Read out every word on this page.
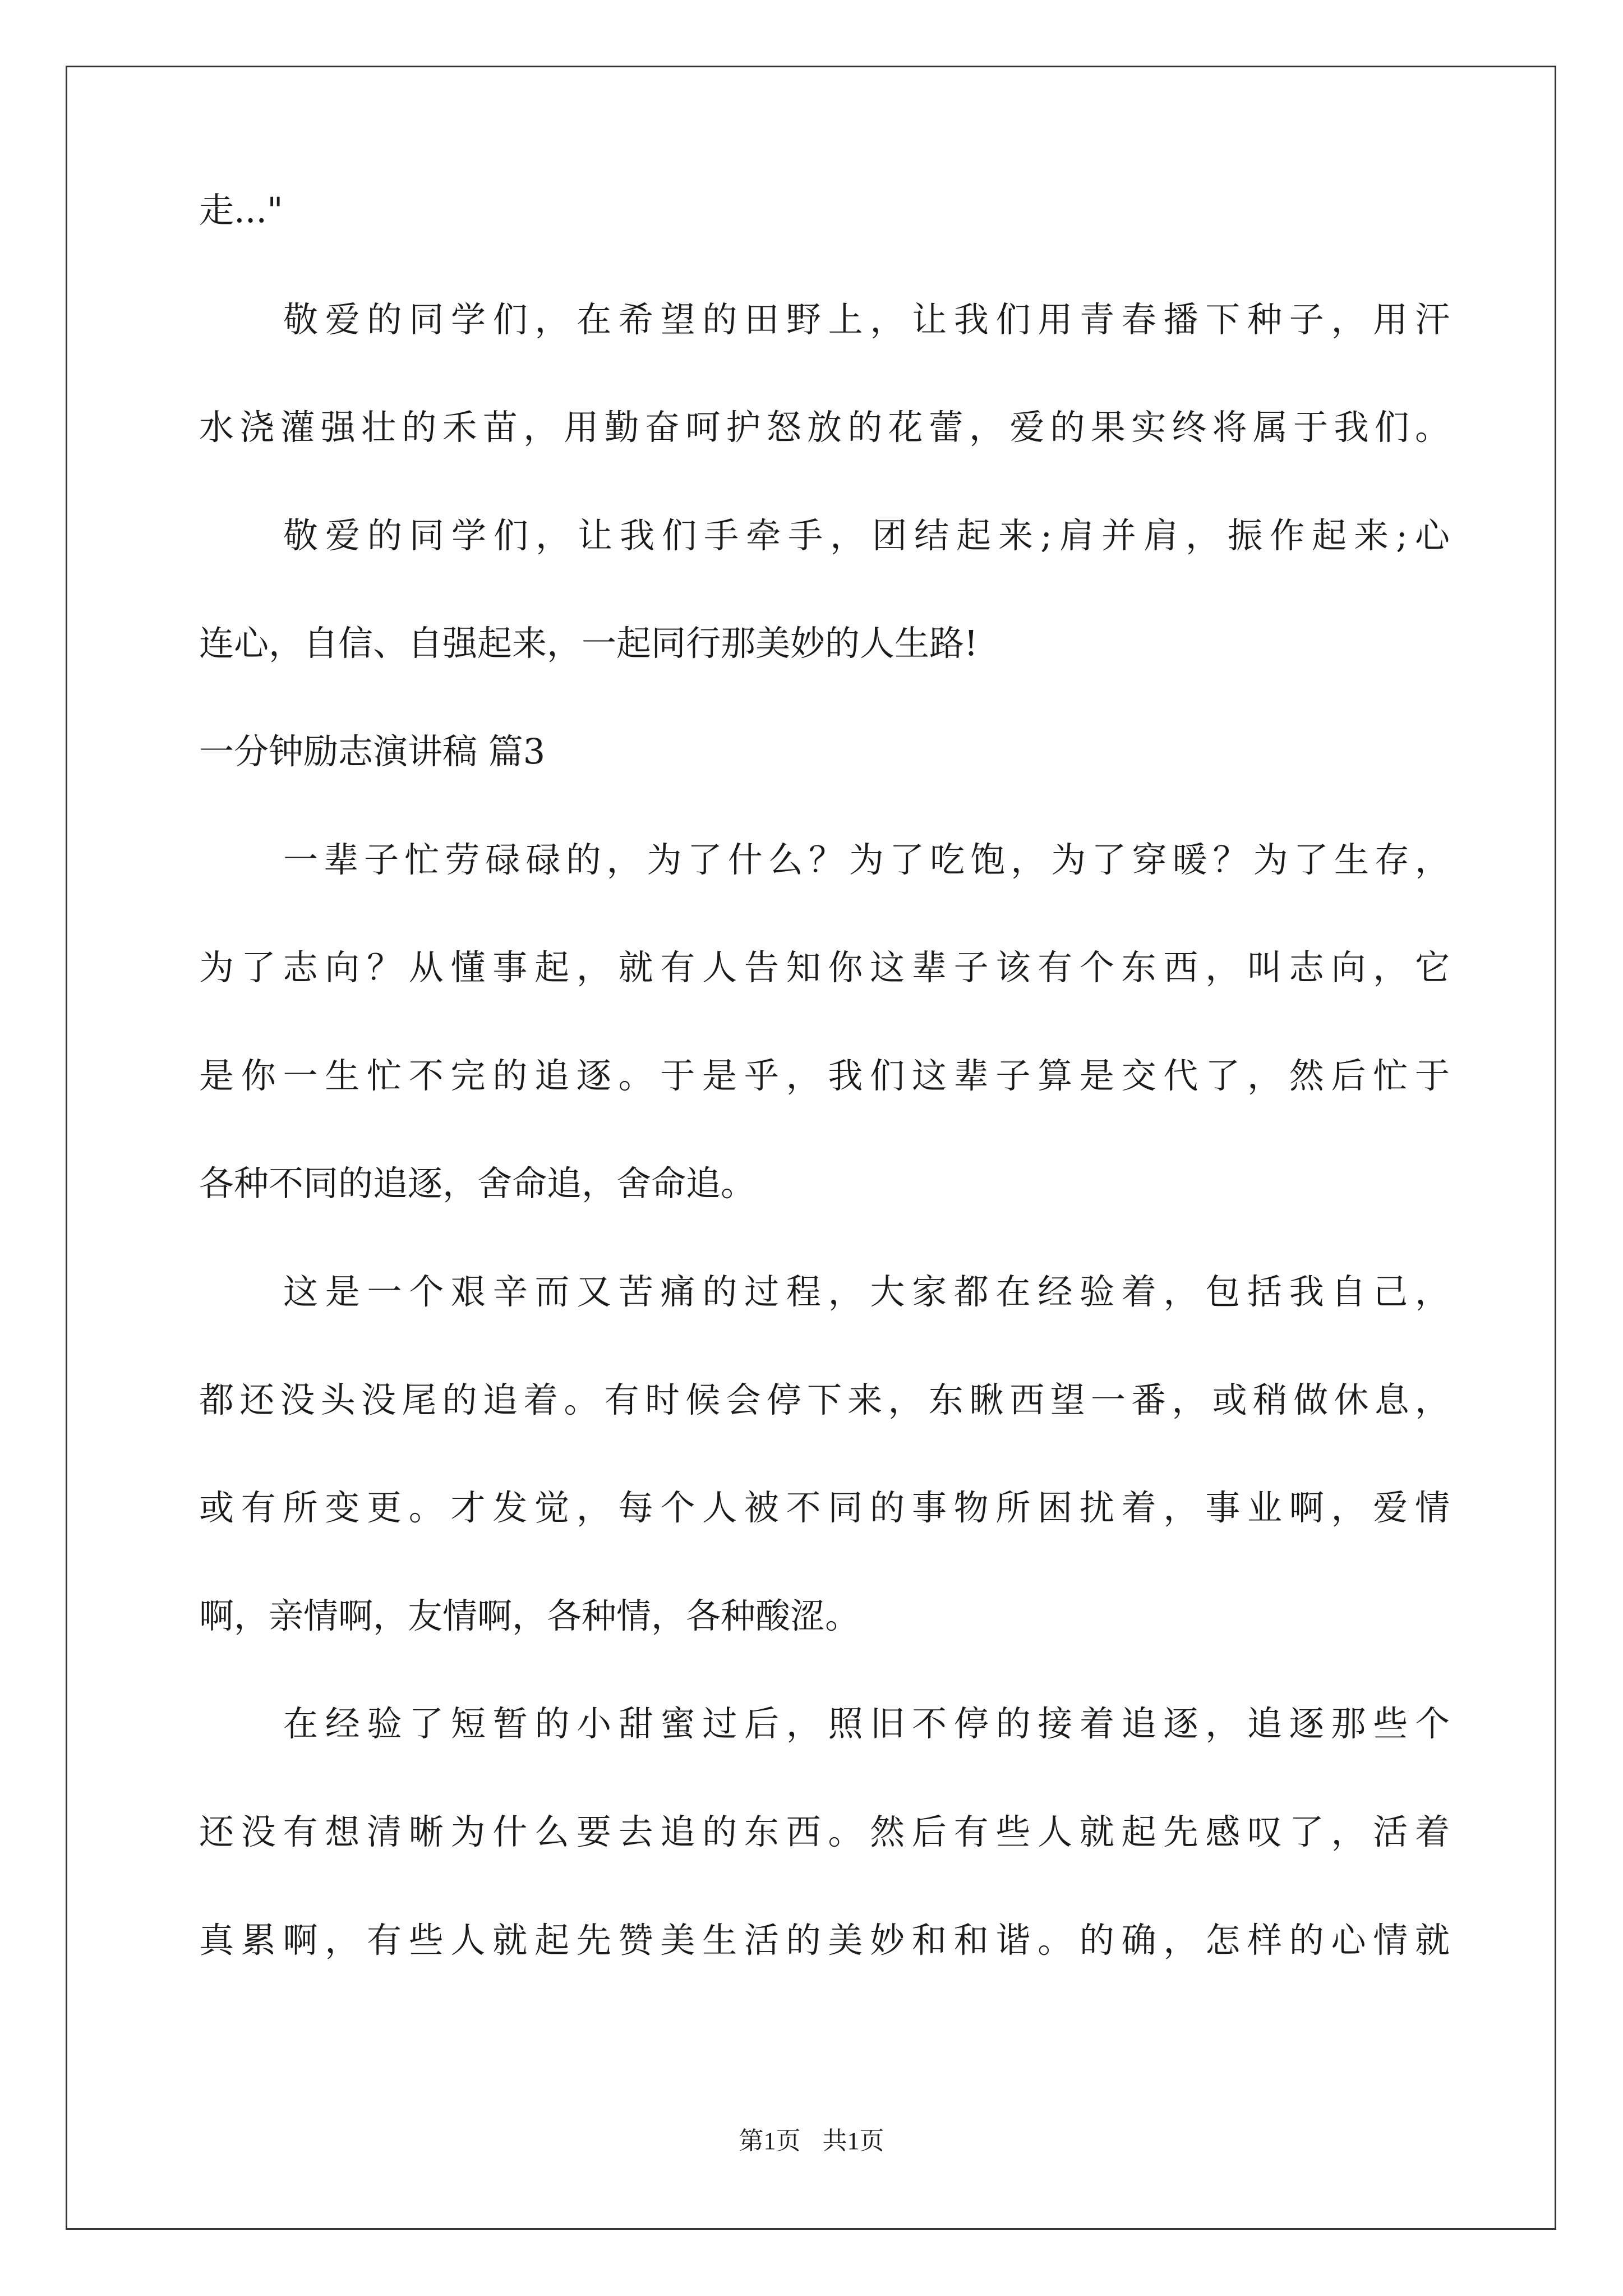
走..."
敬爱的同学们，在希望的田野上，让我们用青春播下种子，用汗
水浇灌强壮的禾苗，用勤奋呵护怒放的花蕾，爱的果实终将属于我们。
敬爱的同学们，让我们手牵手，团结起来;肩并肩，振作起来;心
连心，自信、自强起来，一起同行那美妙的人生路!
一分钟励志演讲稿 篇3
一辈子忙劳碌碌的，为了什么？为了吃饱，为了穿暖？为了生存，
为了志向？从懂事起，就有人告知你这辈子该有个东西，叫志向，它
是你一生忙不完的追逐。于是乎，我们这辈子算是交代了，然后忙于
各种不同的追逐，舍命追，舍命追。
这是一个艰辛而又苦痛的过程，大家都在经验着，包括我自己，
都还没头没尾的追着。有时候会停下来，东瞅西望一番，或稍做休息，
或有所变更。才发觉，每个人被不同的事物所困扰着，事业啊，爱情
啊，亲情啊，友情啊，各种情，各种酸涩。
在经验了短暂的小甜蜜过后，照旧不停的接着追逐，追逐那些个
还没有想清晰为什么要去追的东西。然后有些人就起先感叹了，活着
真累啊，有些人就起先赞美生活的美妙和和谐。的确，怎样的心情就
第1页 共1页
